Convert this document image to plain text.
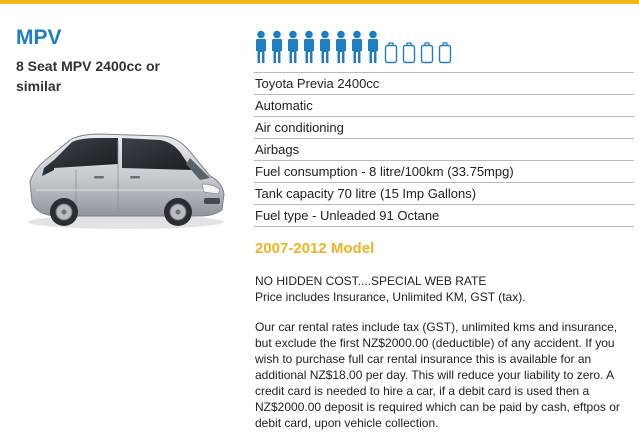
MPV

8 Seat MPV 2400cc or similar	Toyota Previa 2400cc
Automatic
Air conditioning
Airbags
Fuel consumption - 8 litre/100km (33.75mpg)
Tank capacity 70 litre (15 Imp Gallons)
Fuel type - Unleaded 91 Octane
2007-2012 Model
NO HIDDEN COST....SPECIAL WEB RATE
Price includes Insurance, Unlimited KM, GST (tax).

Our car rental rates include tax (GST), unlimited kms and insurance, but exclude the first NZ$2000.00 (deductible) of any accident. If you wish to purchase full car rental insurance this is available for an additional NZ$18.00 per day. This will reduce your liability to zero. A credit card is needed to hire a car, if a debit card is used then a NZ$2000.00 deposit is required which can be paid by cash, eftpos or debit card, upon vehicle collection.
